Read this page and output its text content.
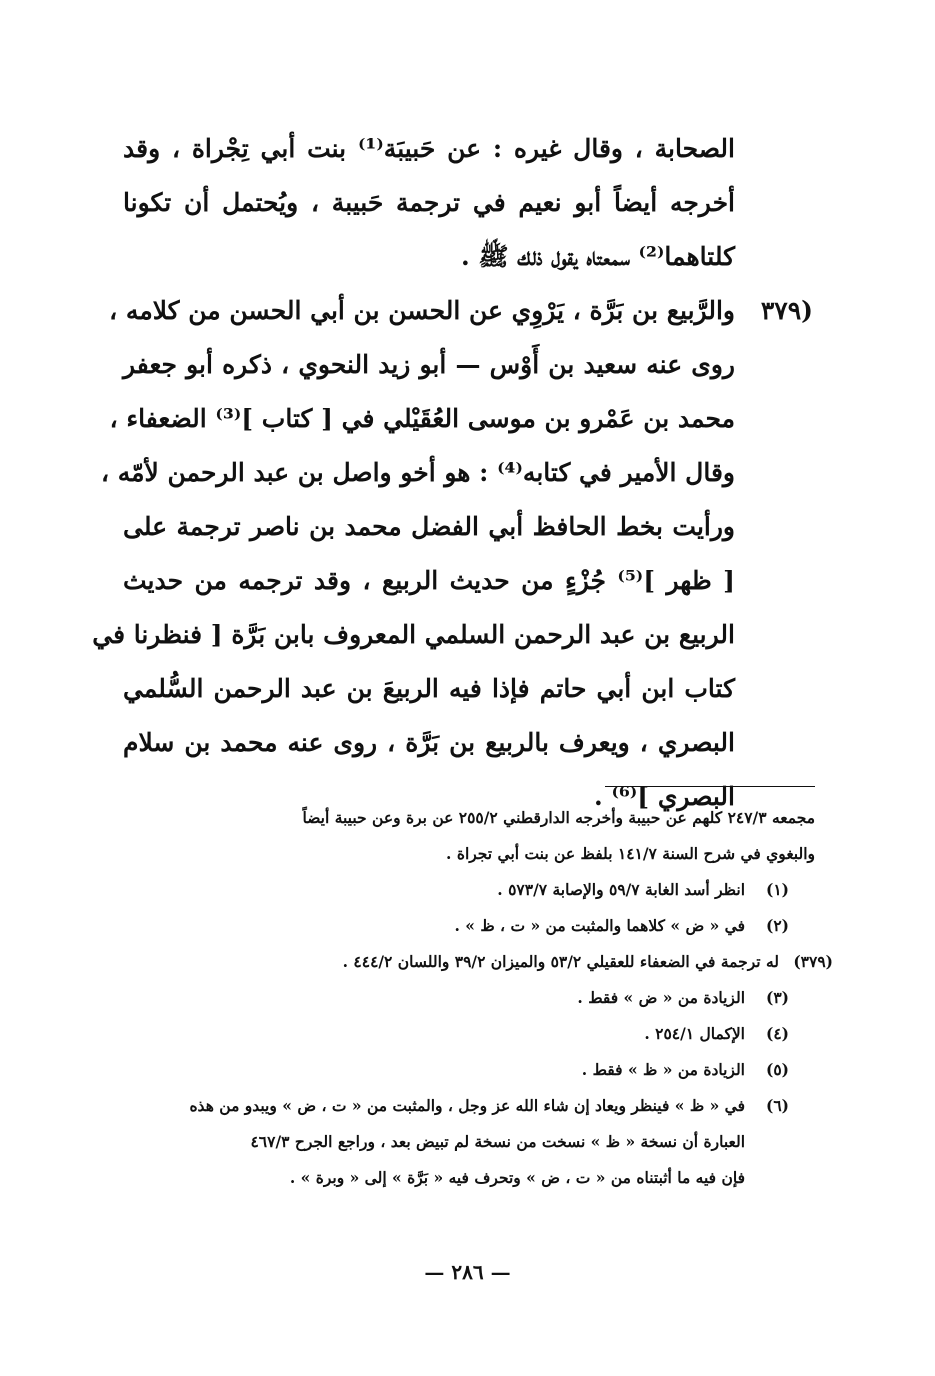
الصحابة ، وقال غيره : عن حَبيبَة⁽¹⁾ بنت أبي تِجْراة ، وقد
أخرجه أيضاً أبو نعيم في ترجمة حَبيبة ، ويُحتمل أن تكونا
كلتاهما⁽²⁾ سمعتاه يقول ذلك ﷺ .
(٣٧٩
والرَّبيع بن بَرَّة ، يَرْوِي عن الحسن بن أبي الحسن من كلامه ،
روى عنه سعيد بن أَوْس — أبو زيد النحوي ، ذكره أبو جعفر
محمد بن عَمْرو بن موسى العُقَيْلي في [ كتاب ]⁽³⁾ الضعفاء ،
وقال الأمير في كتابه⁽⁴⁾ : هو أخو واصل بن عبد الرحمن لأمّه ،
ورأيت بخط الحافظ أبي الفضل محمد بن ناصر ترجمة على
[ ظهر ]⁽⁵⁾ جُزْءٍ من حديث الربيع ، وقد ترجمه من حديث
الربيع بن عبد الرحمن السلمي المعروف بابن بَرَّة [ فنظرنا في
كتاب ابن أبي حاتم فإذا فيه الربيعَ بن عبد الرحمن السُّلمي
البصري ، ويعرف بالربيع بن بَرَّة ، روى عنه محمد بن سلام
البصري ]⁽⁶⁾ .
مجمعه ٢٤٧/٣ كلهم عن حبيبة وأخرجه الدارقطني ٢٥٥/٢ عن برة وعن حبيبة أيضاً
والبغوي في شرح السنة ١٤١/٧ بلفظ عن بنت أبي تجراة .
(١)
انظر أسد الغابة ٥٩/٧ والإصابة ٥٧٣/٧ .
(٢)
في « ض » كلاهما والمثبت من « ت ، ظ » .
(٣٧٩)
له ترجمة في الضعفاء للعقيلي ٥٣/٢ والميزان ٣٩/٢ واللسان ٤٤٤/٢ .
(٣)
الزيادة من « ض » فقط .
(٤)
الإكمال ٢٥٤/١ .
(٥)
الزيادة من « ظ » فقط .
(٦)
في « ظ » فينظر ويعاد إن شاء الله عز وجل ، والمثبت من « ت ، ض » ويبدو من هذه
العبارة أن نسخة « ظ » نسخت من نسخة لم تبيض بعد ، وراجع الجرح ٤٦٧/٣
فإن فيه ما أثبتناه من « ت ، ض » وتحرف فيه « بَرَّة » إلى « وبرة » .
— ٢٨٦ —
